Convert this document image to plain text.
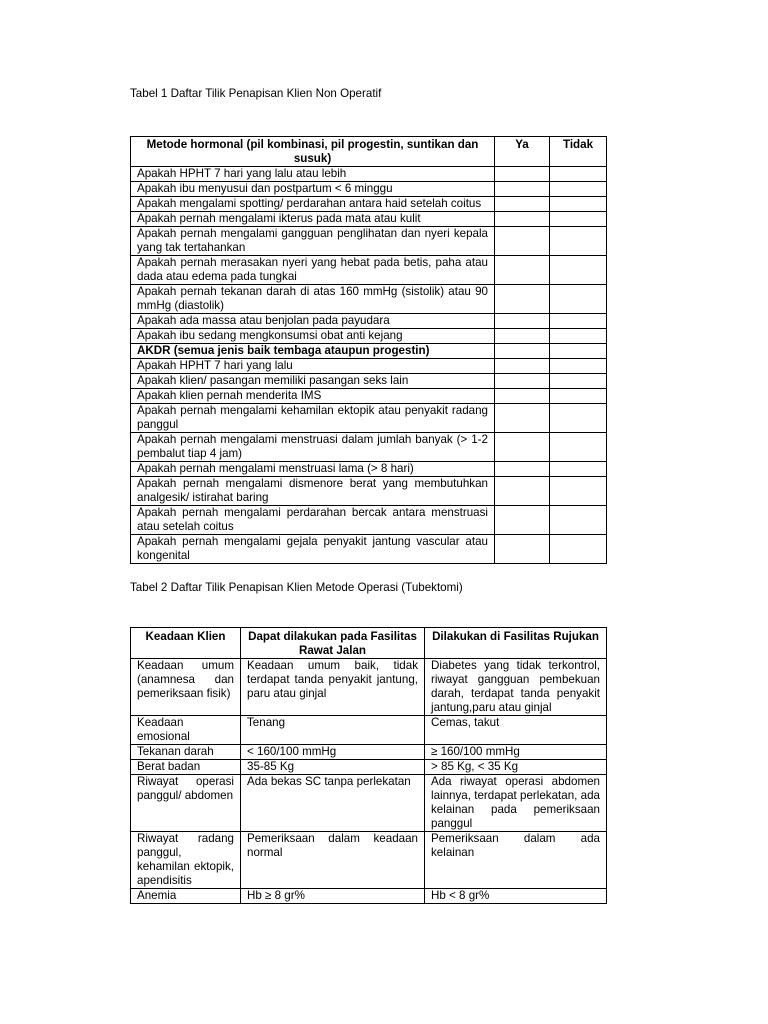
Tabel 1 Daftar Tilik Penapisan Klien Non Operatif
Metode hormonal (pil kombinasi, pil progestin, suntikan dan susuk)	Ya	Tidak
Apakah HPHT 7 hari yang lalu atau lebih		
Apakah ibu menyusui dan postpartum < 6 minggu		
Apakah mengalami spotting/ perdarahan antara haid setelah coitus		
Apakah pernah mengalami ikterus pada mata atau kulit		
Apakah pernah mengalami gangguan penglihatan dan nyeri kepala yang tak tertahankan		
Apakah pernah merasakan nyeri yang hebat pada betis, paha atau dada atau edema pada tungkai		
Apakah pernah tekanan darah di atas 160 mmHg (sistolik) atau 90 mmHg (diastolik)		
Apakah ada massa atau benjolan pada payudara		
Apakah ibu sedang mengkonsumsi obat anti kejang		
AKDR (semua jenis baik tembaga ataupun progestin)		
Apakah HPHT 7 hari yang lalu		
Apakah klien/ pasangan memiliki pasangan seks lain		
Apakah klien pernah menderita IMS		
Apakah pernah mengalami kehamilan ektopik atau penyakit radang panggul		
Apakah pernah mengalami menstruasi dalam jumlah banyak (> 1-2 pembalut tiap 4 jam)		
Apakah pernah mengalami menstruasi lama (> 8 hari)		
Apakah pernah mengalami dismenore berat yang membutuhkan analgesik/ istirahat baring		
Apakah pernah mengalami perdarahan bercak antara menstruasi atau setelah coitus		
Apakah pernah mengalami gejala penyakit jantung vascular atau kongenital		
Tabel 2 Daftar Tilik Penapisan Klien Metode Operasi (Tubektomi)
Keadaan Klien	Dapat dilakukan pada Fasilitas Rawat Jalan	Dilakukan di Fasilitas Rujukan
Keadaan umum (anamnesa dan pemeriksaan fisik)	Keadaan umum baik, tidak terdapat tanda penyakit jantung, paru atau ginjal	Diabetes yang tidak terkontrol, riwayat gangguan pembekuan darah, terdapat tanda penyakit jantung,paru atau ginjal
Keadaan emosional	Tenang	Cemas, takut
Tekanan darah	< 160/100 mmHg	≥ 160/100 mmHg
Berat badan	35-85 Kg	> 85 Kg, < 35 Kg
Riwayat operasi panggul/ abdomen	Ada bekas SC tanpa perlekatan	Ada riwayat operasi abdomen lainnya, terdapat perlekatan, ada kelainan pada pemeriksaan panggul
Riwayat radang panggul, kehamilan ektopik, apendisitis	Pemeriksaan dalam keadaan normal	Pemeriksaan dalam ada kelainan
Anemia	Hb ≥ 8 gr%	Hb < 8 gr%
